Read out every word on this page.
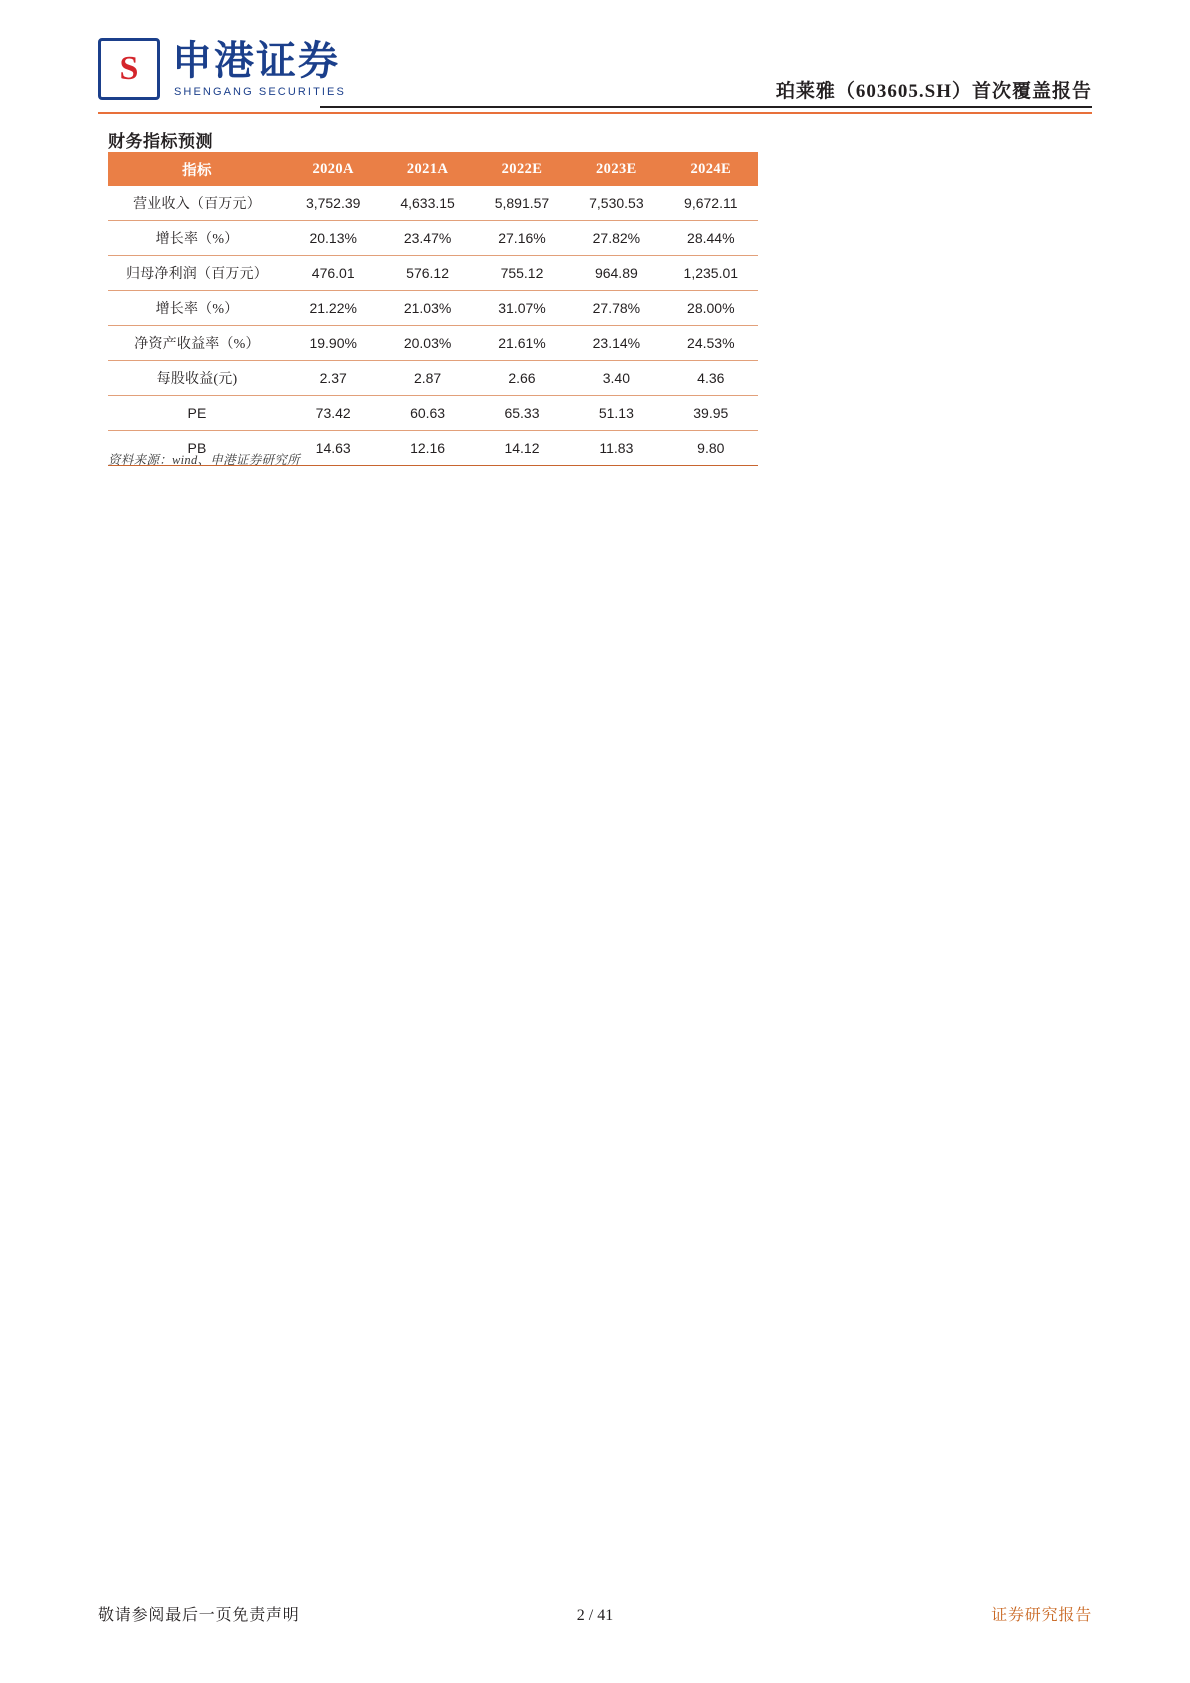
S 申港证券
SHENGANG SECURITIES	珀莱雅（603605.SH）首次覆盖报告
财务指标预测
指标	2020A	2021A	2022E	2023E	2024E
营业收入（百万元）	3,752.39	4,633.15	5,891.57	7,530.53	9,672.11
增长率（%）	20.13%	23.47%	27.16%	27.82%	28.44%
归母净利润（百万元）	476.01	576.12	755.12	964.89	1,235.01
增长率（%）	21.22%	21.03%	31.07%	27.78%	28.00%
净资产收益率（%）	19.90%	20.03%	21.61%	23.14%	24.53%
每股收益(元)	2.37	2.87	2.66	3.40	4.36
PE	73.42	60.63	65.33	51.13	39.95
PB	14.63	12.16	14.12	11.83	9.80
资料来源：wind、申港证券研究所
敬请参阅最后一页免责声明	2 / 41	证券研究报告
